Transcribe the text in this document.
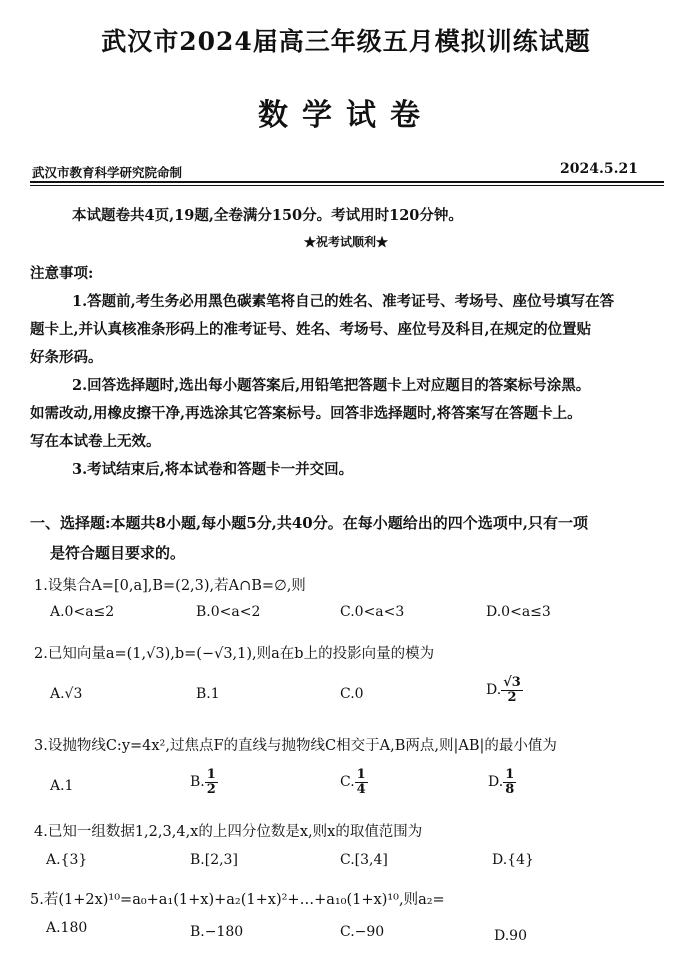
武汉市2024届高三年级五月模拟训练试题
数学试卷
武汉市教育科学研究院命制	2024.5.21
本试题卷共4页,19题,全卷满分150分。考试用时120分钟。
★祝考试顺利★
注意事项:
1.答题前,考生务必用黑色碳素笔将自己的姓名、准考证号、考场号、座位号填写在答
题卡上,并认真核准条形码上的准考证号、姓名、考场号、座位号及科目,在规定的位置贴
好条形码。
2.回答选择题时,选出每小题答案后,用铅笔把答题卡上对应题目的答案标号涂黑。
如需改动,用橡皮擦干净,再选涂其它答案标号。回答非选择题时,将答案写在答题卡上。
写在本试卷上无效。
3.考试结束后,将本试卷和答题卡一并交回。
一、选择题:本题共8小题,每小题5分,共40分。在每小题给出的四个选项中,只有一项
是符合题目要求的。
1.设集合A=[0,a],B=(2,3),若A∩B=∅,则
A.0<a≤2	B.0<a<2	C.0<a<3	D.0<a≤3
2.已知向量a=(1,√3),b=(−√3,1),则a在b上的投影向量的模为
A.√3	B.1	C.0	D. $\frac{√3}{2}$
3.设抛物线C:y=4x²,过焦点F的直线与抛物线C相交于A,B两点,则|AB|的最小值为
A.1	B. $\frac{1}{2}$	C. $\frac{1}{4}$	D. $\frac{1}{8}$
4.已知一组数据1,2,3,4,x的上四分位数是x,则x的取值范围为
A.{3}	B.[2,3]	C.[3,4]	D.{4}
5.若(1+2x)¹⁰=a₀+a₁(1+x)+a₂(1+x)²+…+a₁₀(1+x)¹⁰,则a₂=
A.180	B.−180	C.−90	D.90
